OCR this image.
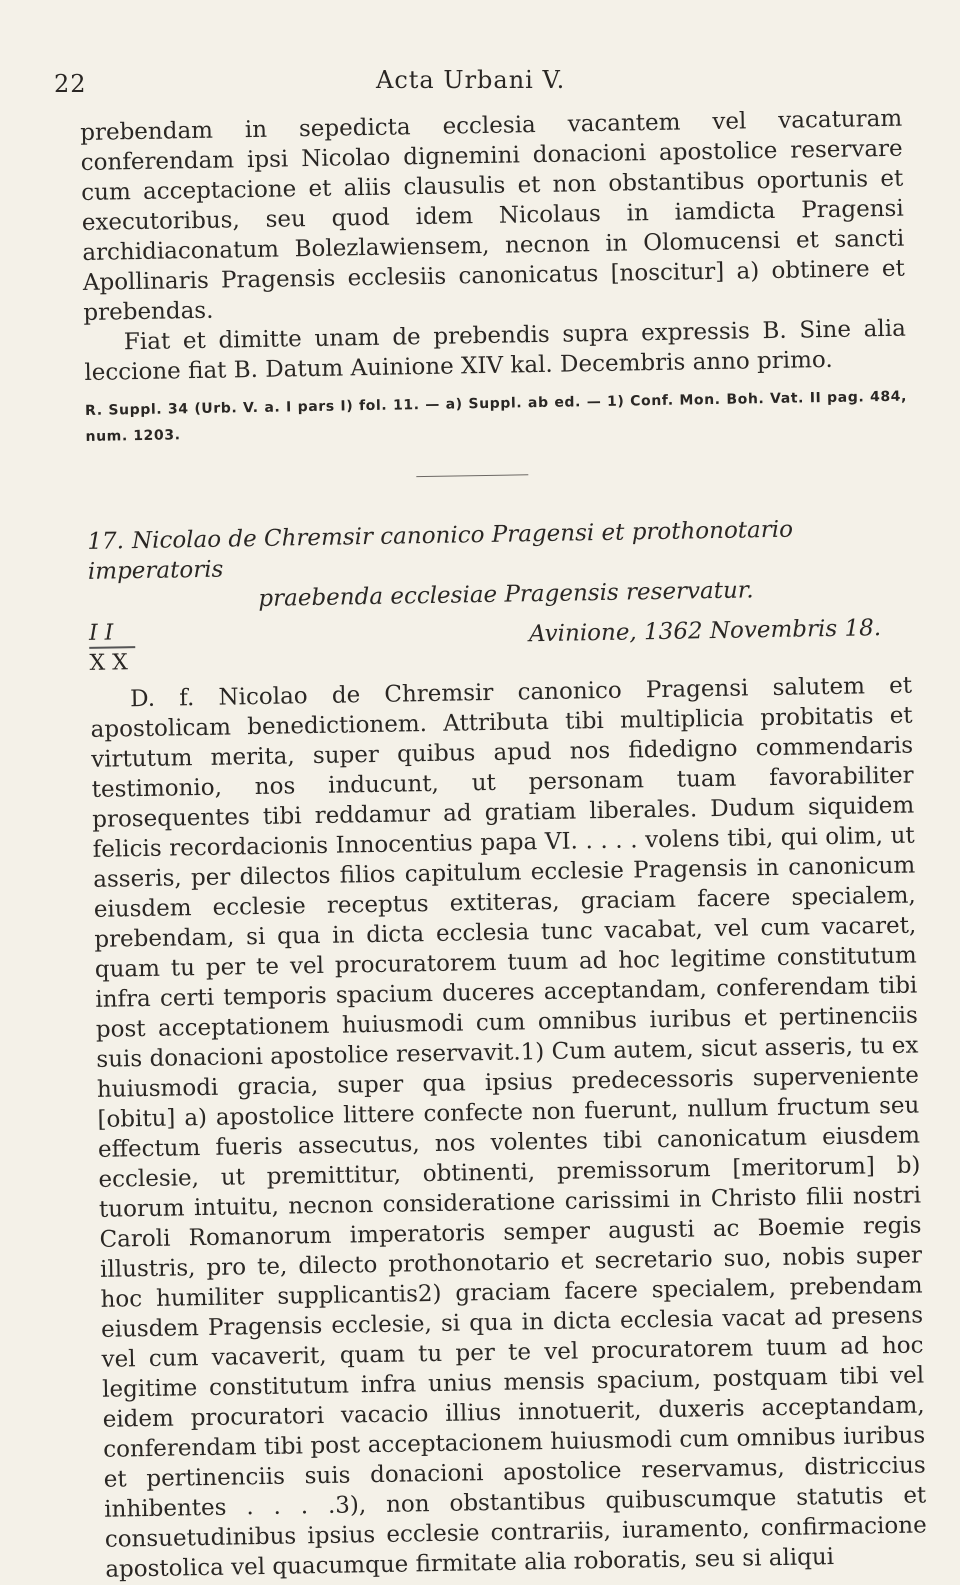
22	Acta Urbani V.

prebendam in sepedicta ecclesia vacantem vel vacaturam conferendam ipsi Nicolao dignemini donacioni apostolice reservare cum acceptacione et aliis clausulis et non obstantibus oportunis et executoribus, seu quod idem Nicolaus in iamdicta Pragensi archidiaconatum Bolezlawiensem, necnon in Olomucensi et sancti Apollinaris Pragensis ecclesiis canonicatus [noscitur] a) obtinere et prebendas.

Fiat et dimitte unam de prebendis supra expressis B. Sine alia leccione fiat B. Datum Auinione XIV kal. Decembris anno primo.

R. Suppl. 34 (Urb. V. a. I pars I) fol. 11. — a) Suppl. ab ed. — 1) Conf. Mon. Boh. Vat. II pag. 484, num. 1203.
17. Nicolao de Chremsir canonico Pragensi et prothonotario imperatoris
praebenda ecclesiae Pragensis reservatur.
I I
X X
Avinione, 1362 Novembris 18.

D. f. Nicolao de Chremsir canonico Pragensi salutem et apostolicam benedictionem. Attributa tibi multiplicia probitatis et virtutum merita, super quibus apud nos fidedigno commendaris testimonio, nos inducunt, ut personam tuam favorabiliter prosequentes tibi reddamur ad gratiam liberales. Dudum siquidem felicis recordacionis Innocentius papa VI. . . . . volens tibi, qui olim, ut asseris, per dilectos filios capitulum ecclesie Pragensis in canonicum eiusdem ecclesie receptus extiteras, graciam facere specialem, prebendam, si qua in dicta ecclesia tunc vacabat, vel cum vacaret, quam tu per te vel procuratorem tuum ad hoc legitime constitutum infra certi temporis spacium duceres acceptandam, conferendam tibi post acceptationem huiusmodi cum omnibus iuribus et pertinenciis suis donacioni apostolice reservavit.1) Cum autem, sicut asseris, tu ex huiusmodi gracia, super qua ipsius predecessoris superveniente [obitu] a) apostolice littere confecte non fuerunt, nullum fructum seu effectum fueris assecutus, nos volentes tibi canonicatum eiusdem ecclesie, ut premittitur, obtinenti, premissorum [meritorum] b) tuorum intuitu, necnon consideratione carissimi in Christo filii nostri Caroli Romanorum imperatoris semper augusti ac Boemie regis illustris, pro te, dilecto prothonotario et secretario suo, nobis super hoc humiliter supplicantis2) graciam facere specialem, prebendam eiusdem Pragensis ecclesie, si qua in dicta ecclesia vacat ad presens vel cum vacaverit, quam tu per te vel procuratorem tuum ad hoc legitime constitutum infra unius mensis spacium, postquam tibi vel eidem procuratori vacacio illius innotuerit, duxeris acceptandam, conferendam tibi post acceptacionem huiusmodi cum omnibus iuribus et pertinenciis suis donacioni apostolice reservamus, districcius inhibentes . . . .3), non obstantibus quibuscumque statutis et consuetudinibus ipsius ecclesie contrariis, iuramento, confirmacione apostolica vel quacumque firmitate alia roboratis, seu si aliqui
